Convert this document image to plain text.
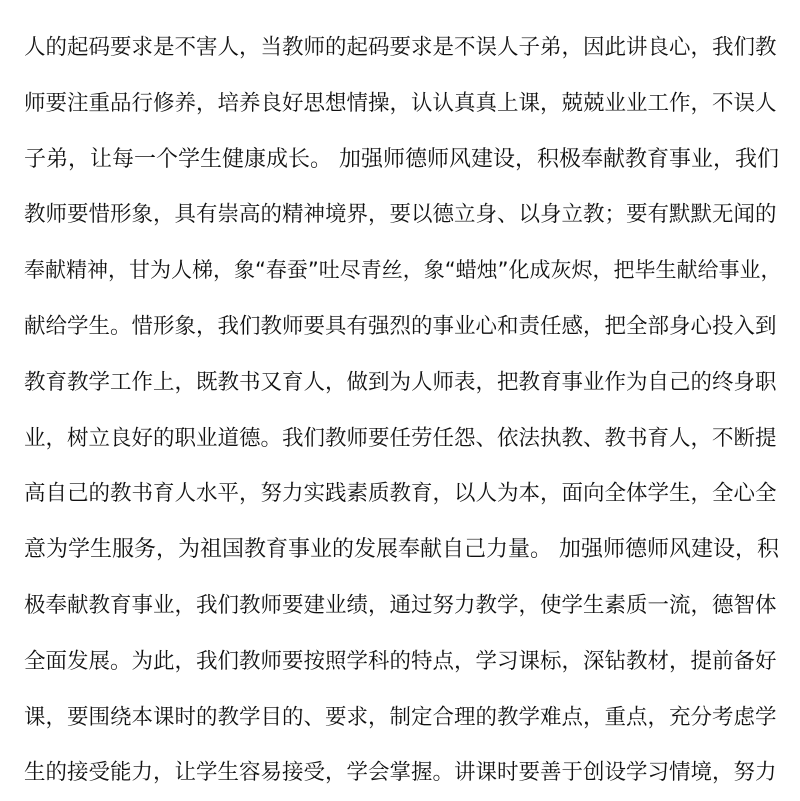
人的起码要求是不害人，当教师的起码要求是不误人子弟，因此讲良心，我们教
师要注重品行修养，培养良好思想情操，认认真真上课，兢兢业业工作，不误人
子弟，让每一个学生健康成长。 加强师德师风建设，积极奉献教育事业，我们
教师要惜形象，具有崇高的精神境界，要以德立身、以身立教；要有默默无闻的
奉献精神，甘为人梯，象“春蚕”吐尽青丝，象“蜡烛”化成灰烬，把毕生献给事业，
献给学生。惜形象，我们教师要具有强烈的事业心和责任感，把全部身心投入到
教育教学工作上，既教书又育人，做到为人师表，把教育事业作为自己的终身职
业，树立良好的职业道德。我们教师要任劳任怨、依法执教、教书育人，不断提
高自己的教书育人水平，努力实践素质教育，以人为本，面向全体学生，全心全
意为学生服务，为祖国教育事业的发展奉献自己力量。 加强师德师风建设，积
极奉献教育事业，我们教师要建业绩，通过努力教学，使学生素质一流，德智体
全面发展。为此，我们教师要按照学科的特点，学习课标，深钻教材，提前备好
课，要围绕本课时的教学目的、要求，制定合理的教学难点，重点，充分考虑学
生的接受能力，让学生容易接受，学会掌握。讲课时要善于创设学习情境，努力
